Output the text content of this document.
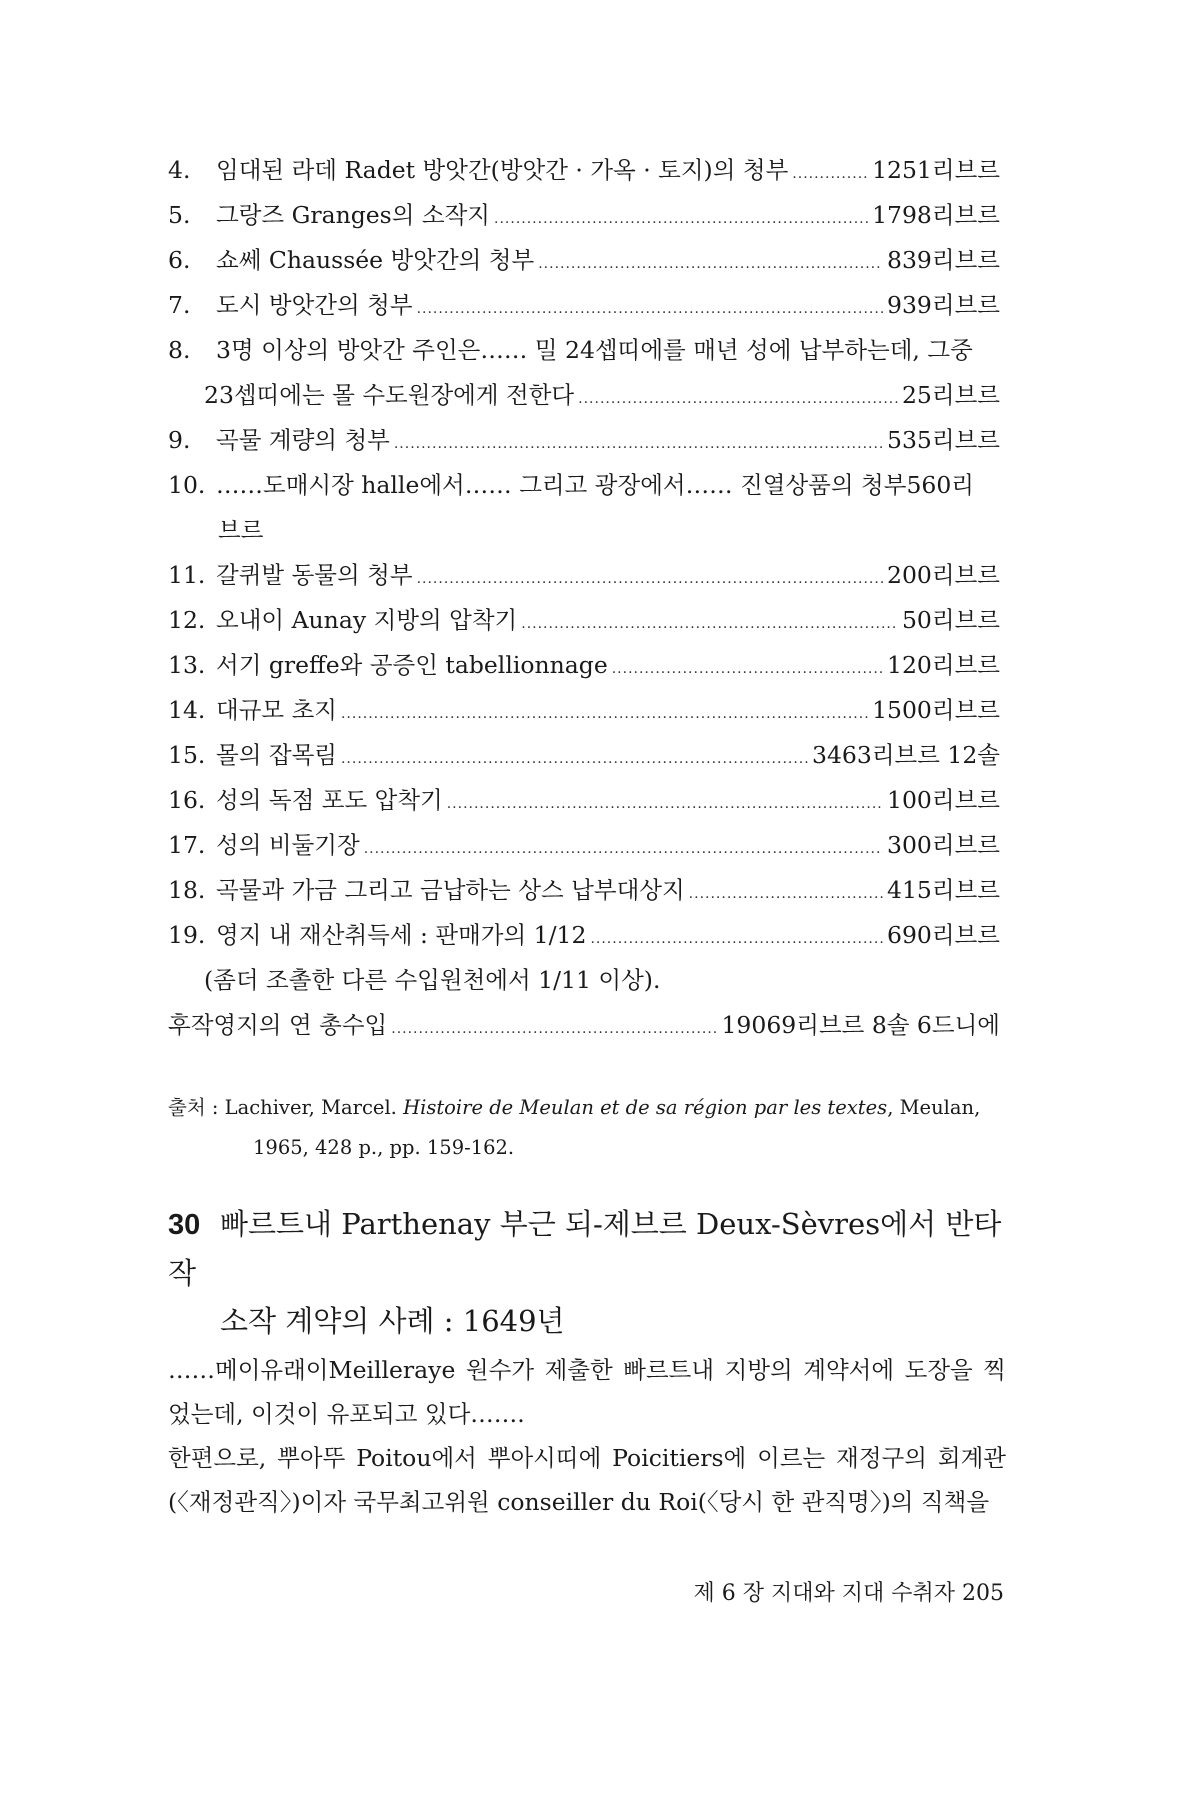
4.	임대된 라데 Radet 방앗간(방앗간 · 가옥 · 토지)의 청부 .....	1251리브르
5.	그랑즈 Granges의 소작지 .....	1798리브르
6.	쇼쎄 Chaussée 방앗간의 청부 .....	839리브르
7.	도시 방앗간의 청부 .....	939리브르
8.	3명 이상의 방앗간 주인은…… 밀 24셉띠에를 매년 성에 납부하는데, 그중
23셉띠에는 몰 수도원장에게 전한다 .....	25리브르
9.	곡물 계량의 청부 .....	535리브르
10. ……도매시장 halle에서…… 그리고 광장에서…… 진열상품의 청부560리
브르
11. 갈퀴발 동물의 청부 .....	200리브르
12. 오내이 Aunay 지방의 압착기 .....	50리브르
13. 서기 greffe와 공증인 tabellionnage .....	120리브르
14. 대규모 초지 .....	1500리브르
15. 몰의 잡목림 .....	3463리브르 12솔
16. 성의 독점 포도 압착기 .....	100리브르
17. 성의 비둘기장 .....	300리브르
18. 곡물과 가금 그리고 금납하는 상스 납부대상지 .....	415리브르
19. 영지 내 재산취득세 : 판매가의 1/12 .....	690리브르
(좀더 조촐한 다른 수입원천에서 1/11 이상).
후작영지의 연 총수입 .....	19069리브르 8솔 6드니에
출처 : Lachiver, Marcel. Histoire de Meulan et de sa région par les textes, Meulan,
1965, 428 p., pp. 159-162.
30 빠르트내 Parthenay 부근 되-제브르 Deux-Sèvres에서 반타작
소작 계약의 사례 : 1649년

……메이유래이Meilleraye 원수가 제출한 빠르트내 지방의 계약서에 도장을 찍었는데, 이것이 유포되고 있다…….

한편으로, 뿌아뚜 Poitou에서 뿌아시띠에 Poicitiers에 이르는 재정구의 회계관 (〈재정관직〉)이자 국무최고위원 conseiller du Roi(〈당시 한 관직명〉)의 직책을

제 6 장 지대와 지대 수취자 205
